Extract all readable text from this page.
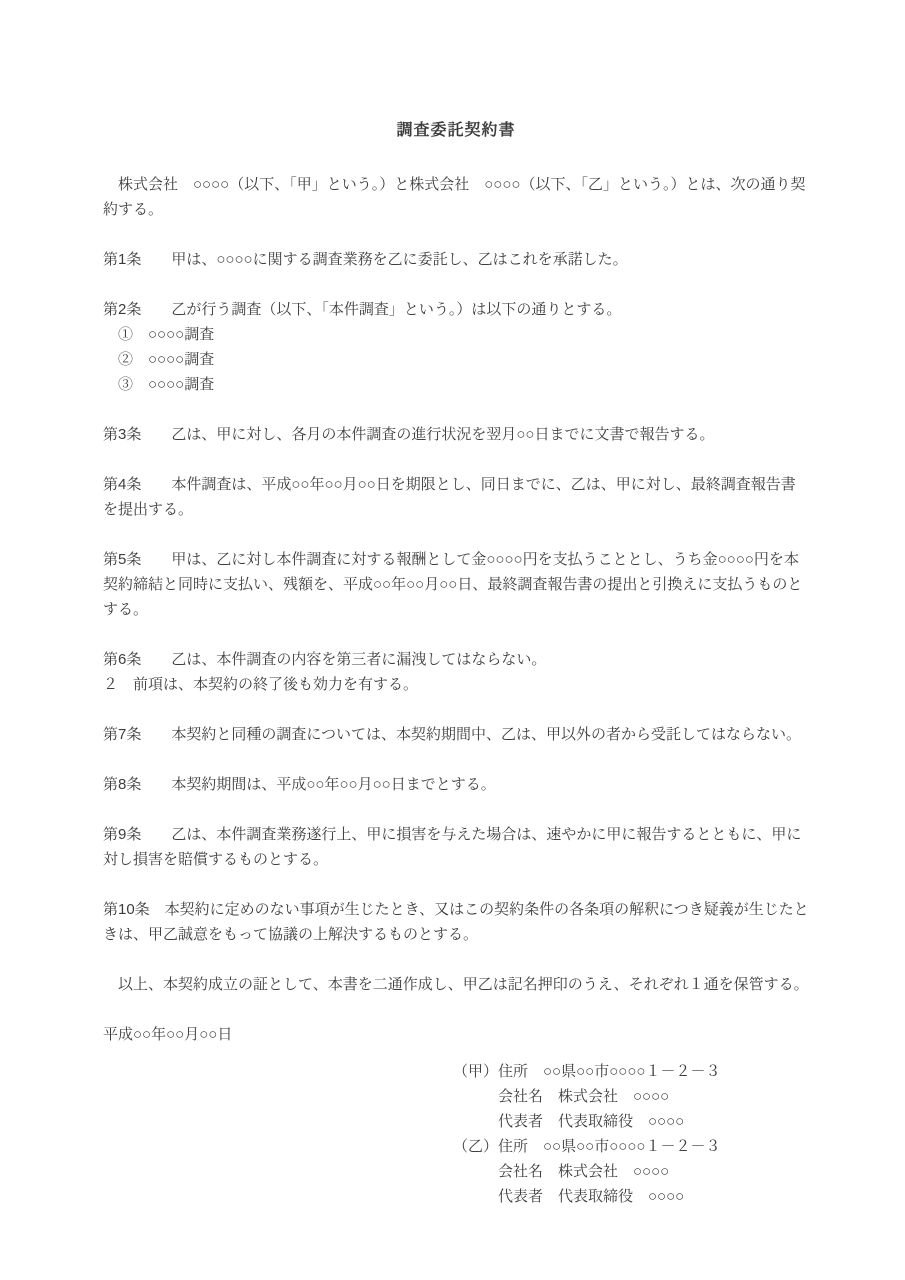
調査委託契約書

　株式会社　○○○○（以下、「甲」という。）と株式会社　○○○○（以下、「乙」という。）とは、次の通り契約する。

第1条　　甲は、○○○○に関する調査業務を乙に委託し、乙はこれを承諾した。

第2条　　乙が行う調査（以下、「本件調査」という。）は以下の通りとする。

　①　○○○○調査

　②　○○○○調査

　③　○○○○調査

第3条　　乙は、甲に対し、各月の本件調査の進行状況を翌月○○日までに文書で報告する。

第4条　　本件調査は、平成○○年○○月○○日を期限とし、同日までに、乙は、甲に対し、最終調査報告書を提出する。

第5条　　甲は、乙に対し本件調査に対する報酬として金○○○○円を支払うこととし、うち金○○○○円を本契約締結と同時に支払い、残額を、平成○○年○○月○○日、最終調査報告書の提出と引換えに支払うものとする。

第6条　　乙は、本件調査の内容を第三者に漏洩してはならない。

２　前項は、本契約の終了後も効力を有する。

第7条　　本契約と同種の調査については、本契約期間中、乙は、甲以外の者から受託してはならない。

第8条　　本契約期間は、平成○○年○○月○○日までとする。

第9条　　乙は、本件調査業務遂行上、甲に損害を与えた場合は、速やかに甲に報告するとともに、甲に対し損害を賠償するものとする。

第10条　本契約に定めのない事項が生じたとき、又はこの契約条件の各条項の解釈につき疑義が生じたときは、甲乙誠意をもって協議の上解決するものとする。

　以上、本契約成立の証として、本書を二通作成し、甲乙は記名押印のうえ、それぞれ１通を保管する。

平成○○年○○月○○日

（甲）住所　○○県○○市○○○○１－２－３

　　　会社名　株式会社　○○○○

　　　代表者　代表取締役　○○○○

（乙）住所　○○県○○市○○○○１－２－３

　　　会社名　株式会社　○○○○

　　　代表者　代表取締役　○○○○
